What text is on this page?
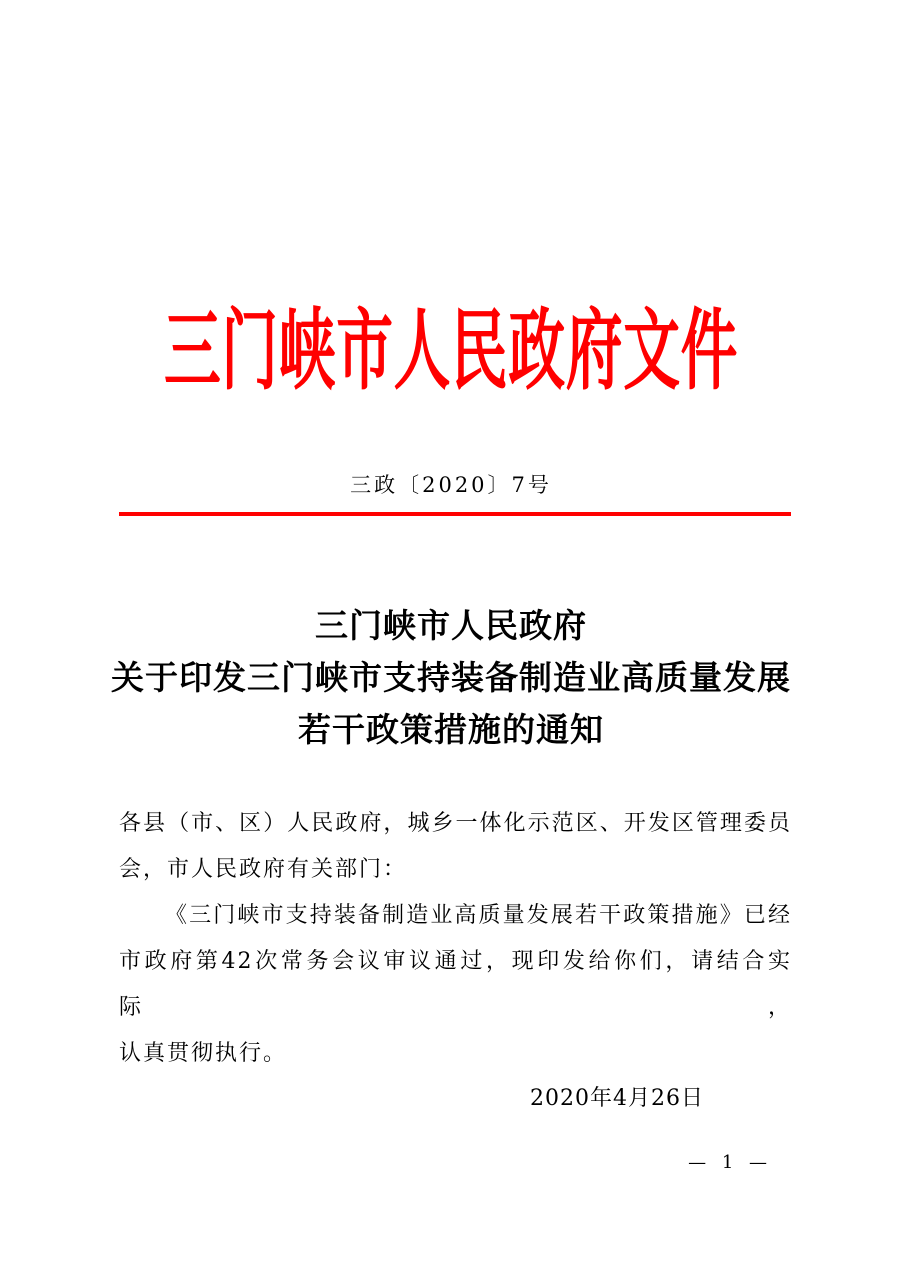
三门峡市人民政府文件
三政〔2020〕7号
三门峡市人民政府
关于印发三门峡市支持装备制造业高质量发展
若干政策措施的通知
各县（市、区）人民政府，城乡一体化示范区、开发区管理委员
会，市人民政府有关部门：
《三门峡市支持装备制造业高质量发展若干政策措施》已经
市政府第42次常务会议审议通过，现印发给你们，请结合实际，
认真贯彻执行。
2020年4月26日
— 1 —
